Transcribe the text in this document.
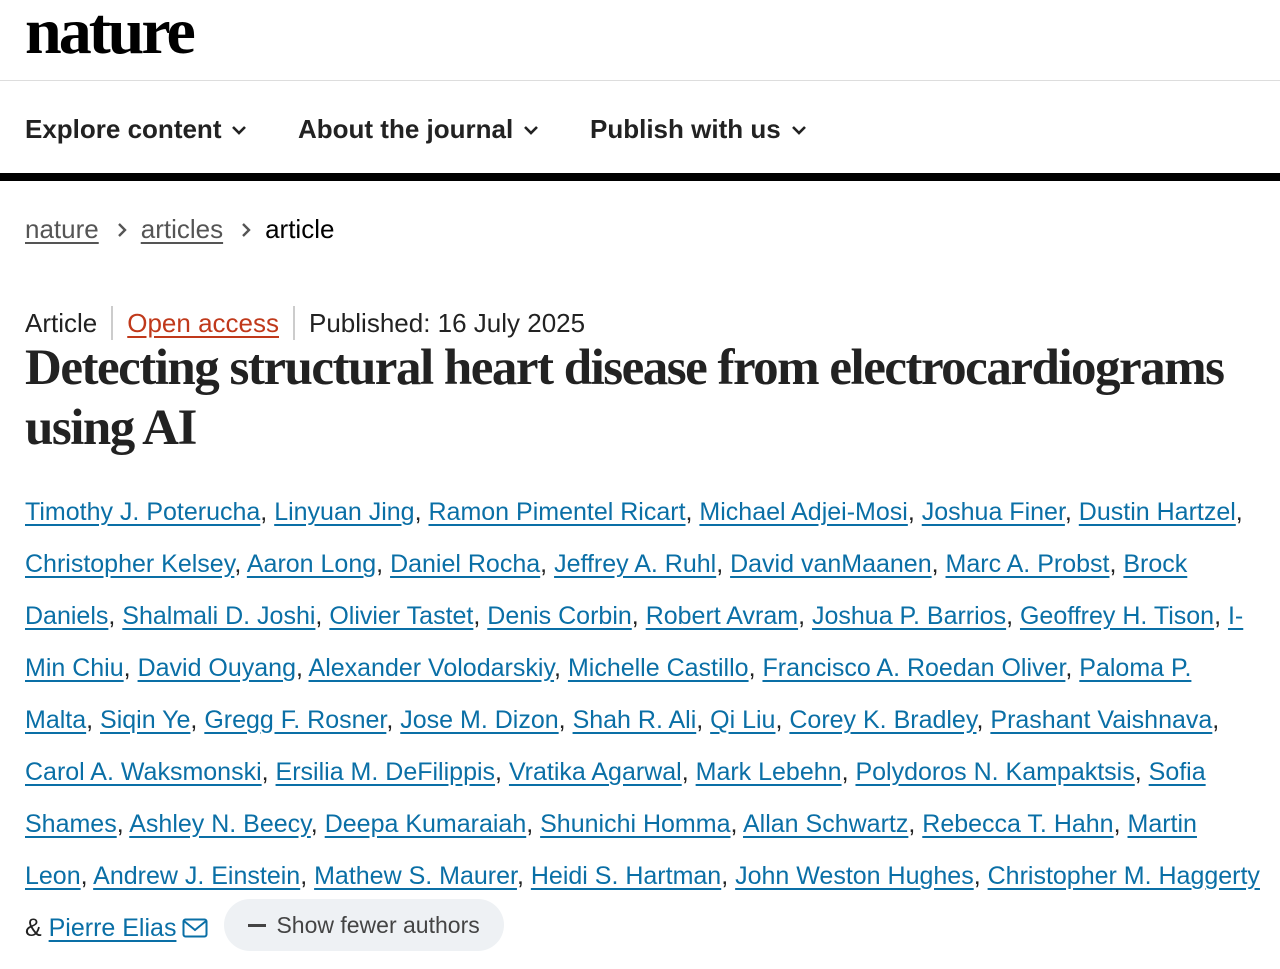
nature
Explore content	About the journal	Publish with us
nature articles article
Article Open access Published: 16 July 2025
Detecting structural heart disease from electrocardiograms using AI
Timothy J. Poterucha, Linyuan Jing, Ramon Pimentel Ricart, Michael Adjei-Mosi, Joshua Finer, Dustin Hartzel, Christopher Kelsey, Aaron Long, Daniel Rocha, Jeffrey A. Ruhl, David vanMaanen, Marc A. Probst, Brock Daniels, Shalmali D. Joshi, Olivier Tastet, Denis Corbin, Robert Avram, Joshua P. Barrios, Geoffrey H. Tison, I-Min Chiu, David Ouyang, Alexander Volodarskiy, Michelle Castillo, Francisco A. Roedan Oliver, Paloma P. Malta, Siqin Ye, Gregg F. Rosner, Jose M. Dizon, Shah R. Ali, Qi Liu, Corey K. Bradley, Prashant Vaishnava, Carol A. Waksmonski, Ersilia M. DeFilippis, Vratika Agarwal, Mark Lebehn, Polydoros N. Kampaktsis, Sofia Shames, Ashley N. Beecy, Deepa Kumaraiah, Shunichi Homma, Allan Schwartz, Rebecca T. Hahn, Martin Leon, Andrew J. Einstein, Mathew S. Maurer, Heidi S. Hartman, John Weston Hughes, Christopher M. Haggerty & Pierre Elias	Show fewer authors
